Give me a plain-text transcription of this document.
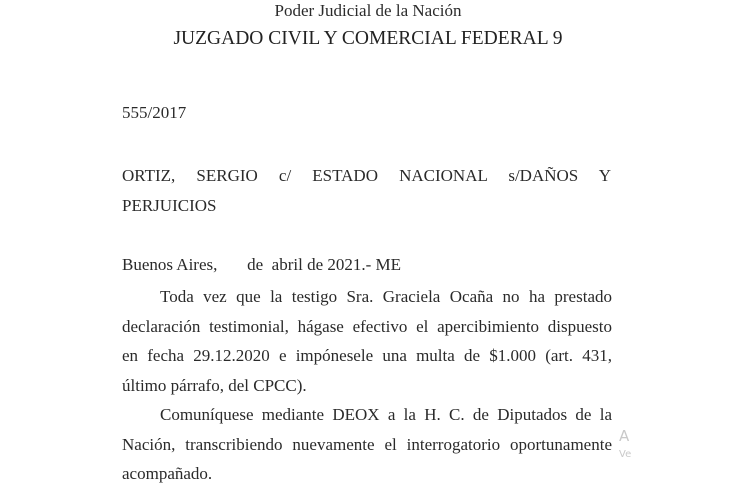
Poder Judicial de la Nación
JUZGADO CIVIL Y COMERCIAL FEDERAL 9
555/2017
ORTIZ, SERGIO c/ ESTADO NACIONAL s/DAÑOS Y
PERJUICIOS
Buenos Aires,       de  abril de 2021.- ME
Toda vez que la testigo Sra. Graciela Ocaña no ha prestado
declaración testimonial, hágase efectivo el apercibimiento dispuesto
en fecha 29.12.2020 e impónesele una multa de $1.000 (art. 431,
último párrafo, del CPCC).
Comuníquese mediante DEOX a la H. C. de Diputados de la
Nación, transcribiendo nuevamente el interrogatorio oportunamente
acompañado.
A
Ve
